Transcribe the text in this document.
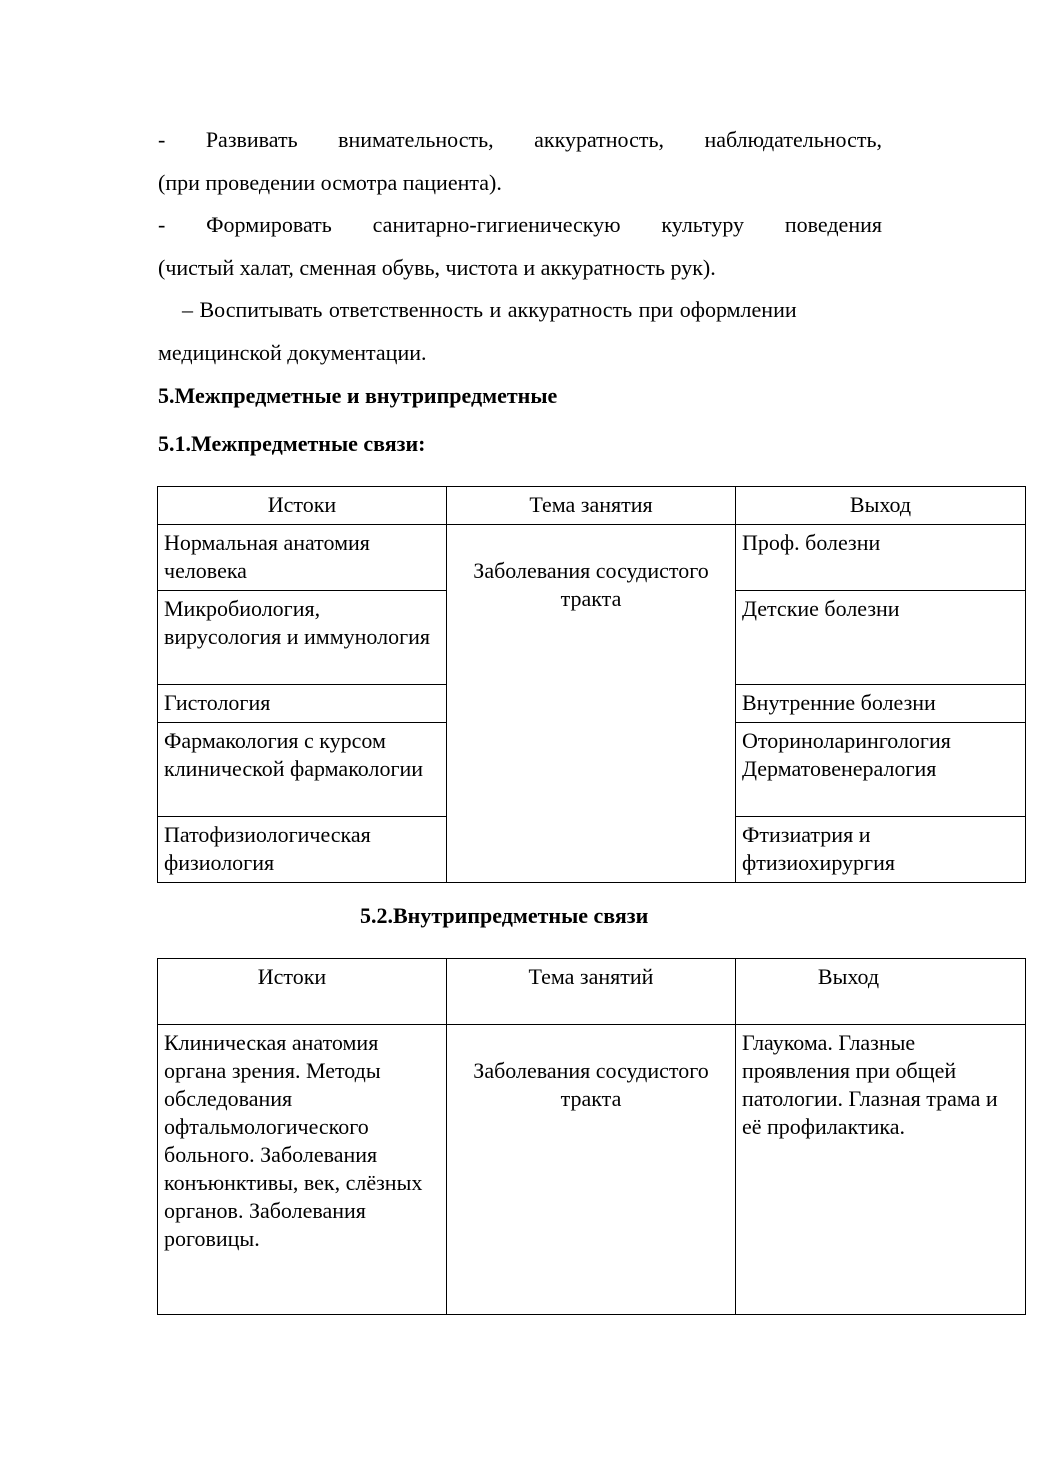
- Развивать внимательность, аккуратность, наблюдательность,

(при проведении осмотра пациента).

- Формировать санитарно-гигиеническую культуру поведения

(чистый халат, сменная обувь, чистота и аккуратность рук).

– Воспитывать ответственность и аккуратность при оформлении

медицинской документации.

5.Межпредметные и внутрипредметные

5.1.Межпредметные связи:

Истоки	Тема занятия	Выход
Нормальная анатомия человека	Заболевания сосудистого тракта	Проф. болезни
Микробиология, вирусология и иммунология		Детские болезни
Гистология		Внутренние болезни
Фармакология с курсом клинической фармакологии		Оториноларингология Дерматовенералогия
Патофизиологическая физиология		Фтизиатрия и фтизиохирургия

5.2.Внутрипредметные связи

Истоки	Тема занятий	Выход
Клиническая анатомия органа зрения. Методы обследования офтальмологического больного. Заболевания конъюнктивы, век, слёзных органов. Заболевания роговицы.	Заболевания сосудистого тракта	Глаукома. Глазные проявления при общей патологии. Глазная трама и её профилактика.
